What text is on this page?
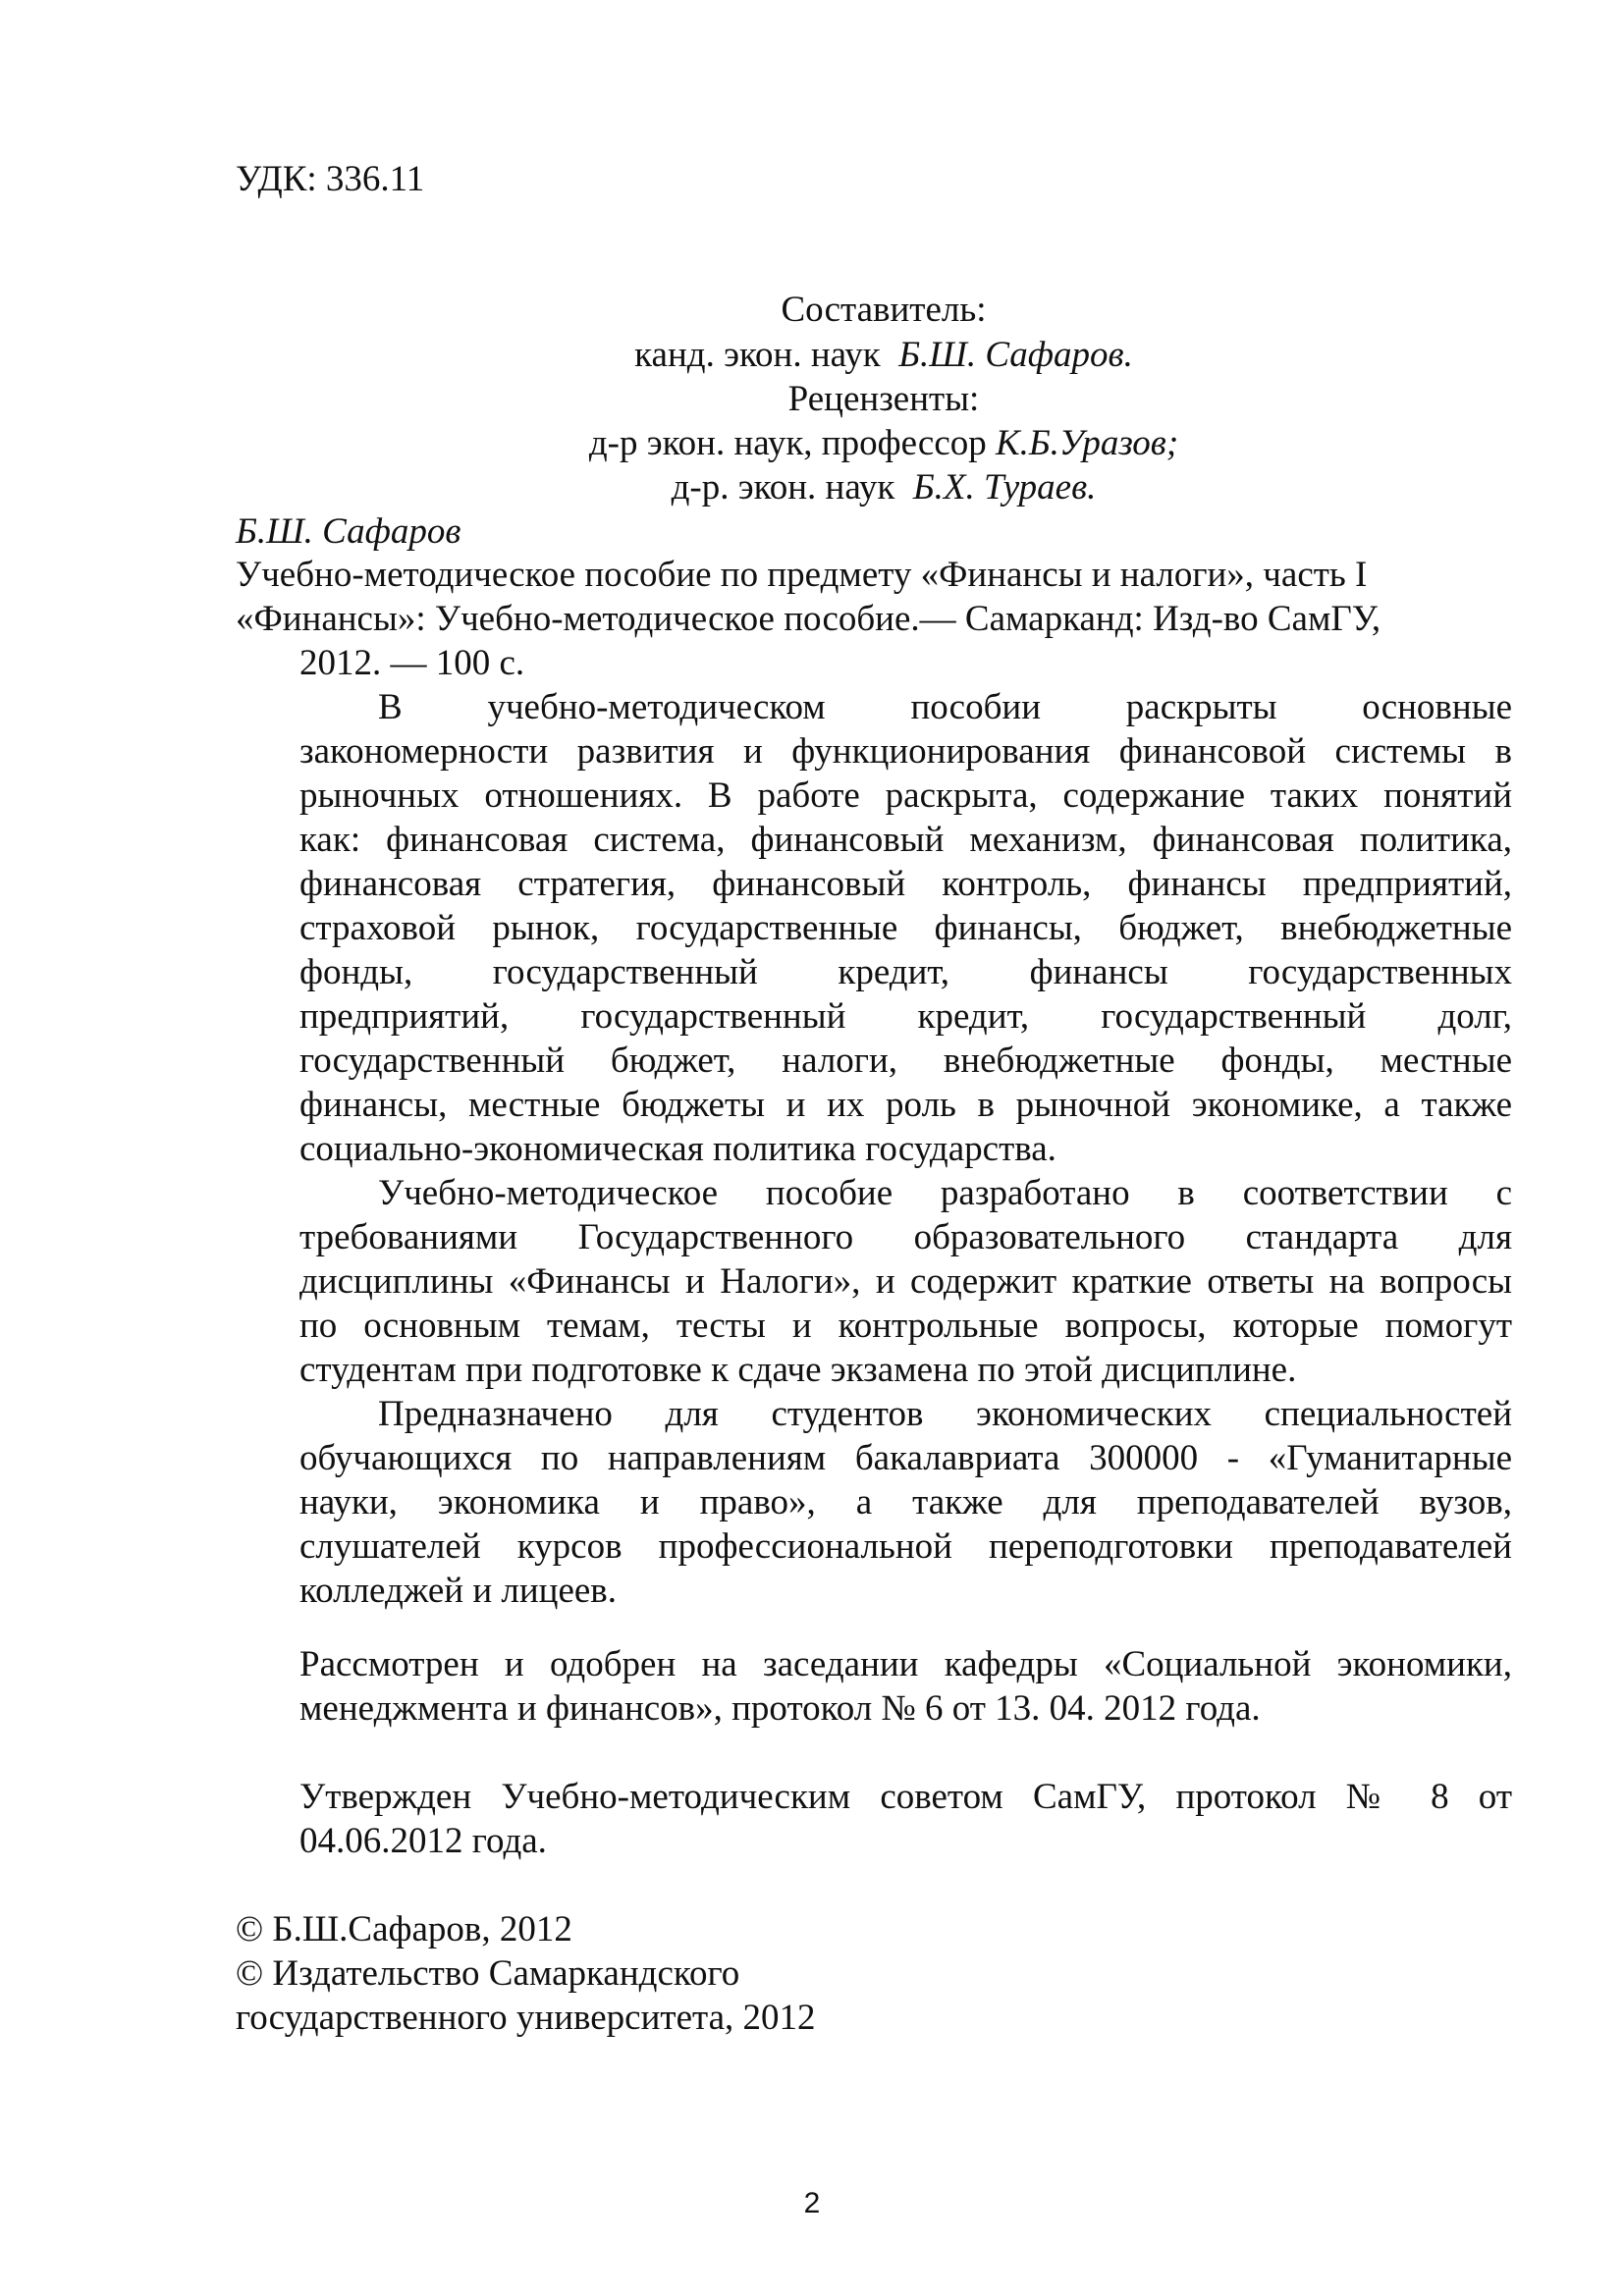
УДК: 336.11
Составитель:
канд. экон. наук Б.Ш. Сафаров.
Рецензенты:
д-р экон. наук, профессор К.Б.Уразов;
д-р. экон. наук Б.Х. Тураев.
Б.Ш. Сафаров
Учебно-методическое пособие по предмету «Финансы и налоги», часть I
«Финансы»: Учебно-методическое пособие.— Самарканд: Изд-во СамГУ,
2012. — 100 с.
В учебно-методическом пособии раскрыты основные
закономерности развития и функционирования финансовой системы в
рыночных отношениях. В работе раскрыта, содержание таких понятий
как: финансовая система, финансовый механизм, финансовая политика,
финансовая стратегия, финансовый контроль, финансы предприятий,
страховой рынок, государственные финансы, бюджет, внебюджетные
фонды, государственный кредит, финансы государственных
предприятий, государственный кредит, государственный долг,
государственный бюджет, налоги, внебюджетные фонды, местные
финансы, местные бюджеты и их роль в рыночной экономике, а также
социально-экономическая политика государства.
Учебно-методическое пособие разработано в соответствии с
требованиями Государственного образовательного стандарта для
дисциплины «Финансы и Налоги», и содержит краткие ответы на вопросы
по основным темам, тесты и контрольные вопросы, которые помогут
студентам при подготовке к сдаче экзамена по этой дисциплине.
Предназначено для студентов экономических специальностей
обучающихся по направлениям бакалавриата 300000 - «Гуманитарные
науки, экономика и право», а также для преподавателей вузов,
слушателей курсов профессиональной переподготовки преподавателей
колледжей и лицеев.
Рассмотрен и одобрен на заседании кафедры «Социальной экономики,
менеджмента и финансов», протокол № 6 от 13. 04. 2012 года.
Утвержден Учебно-методическим советом СамГУ, протокол № 8 от
04.06.2012 года.
© Б.Ш.Сафаров, 2012
© Издательство Самаркандского
государственного университета, 2012
2
